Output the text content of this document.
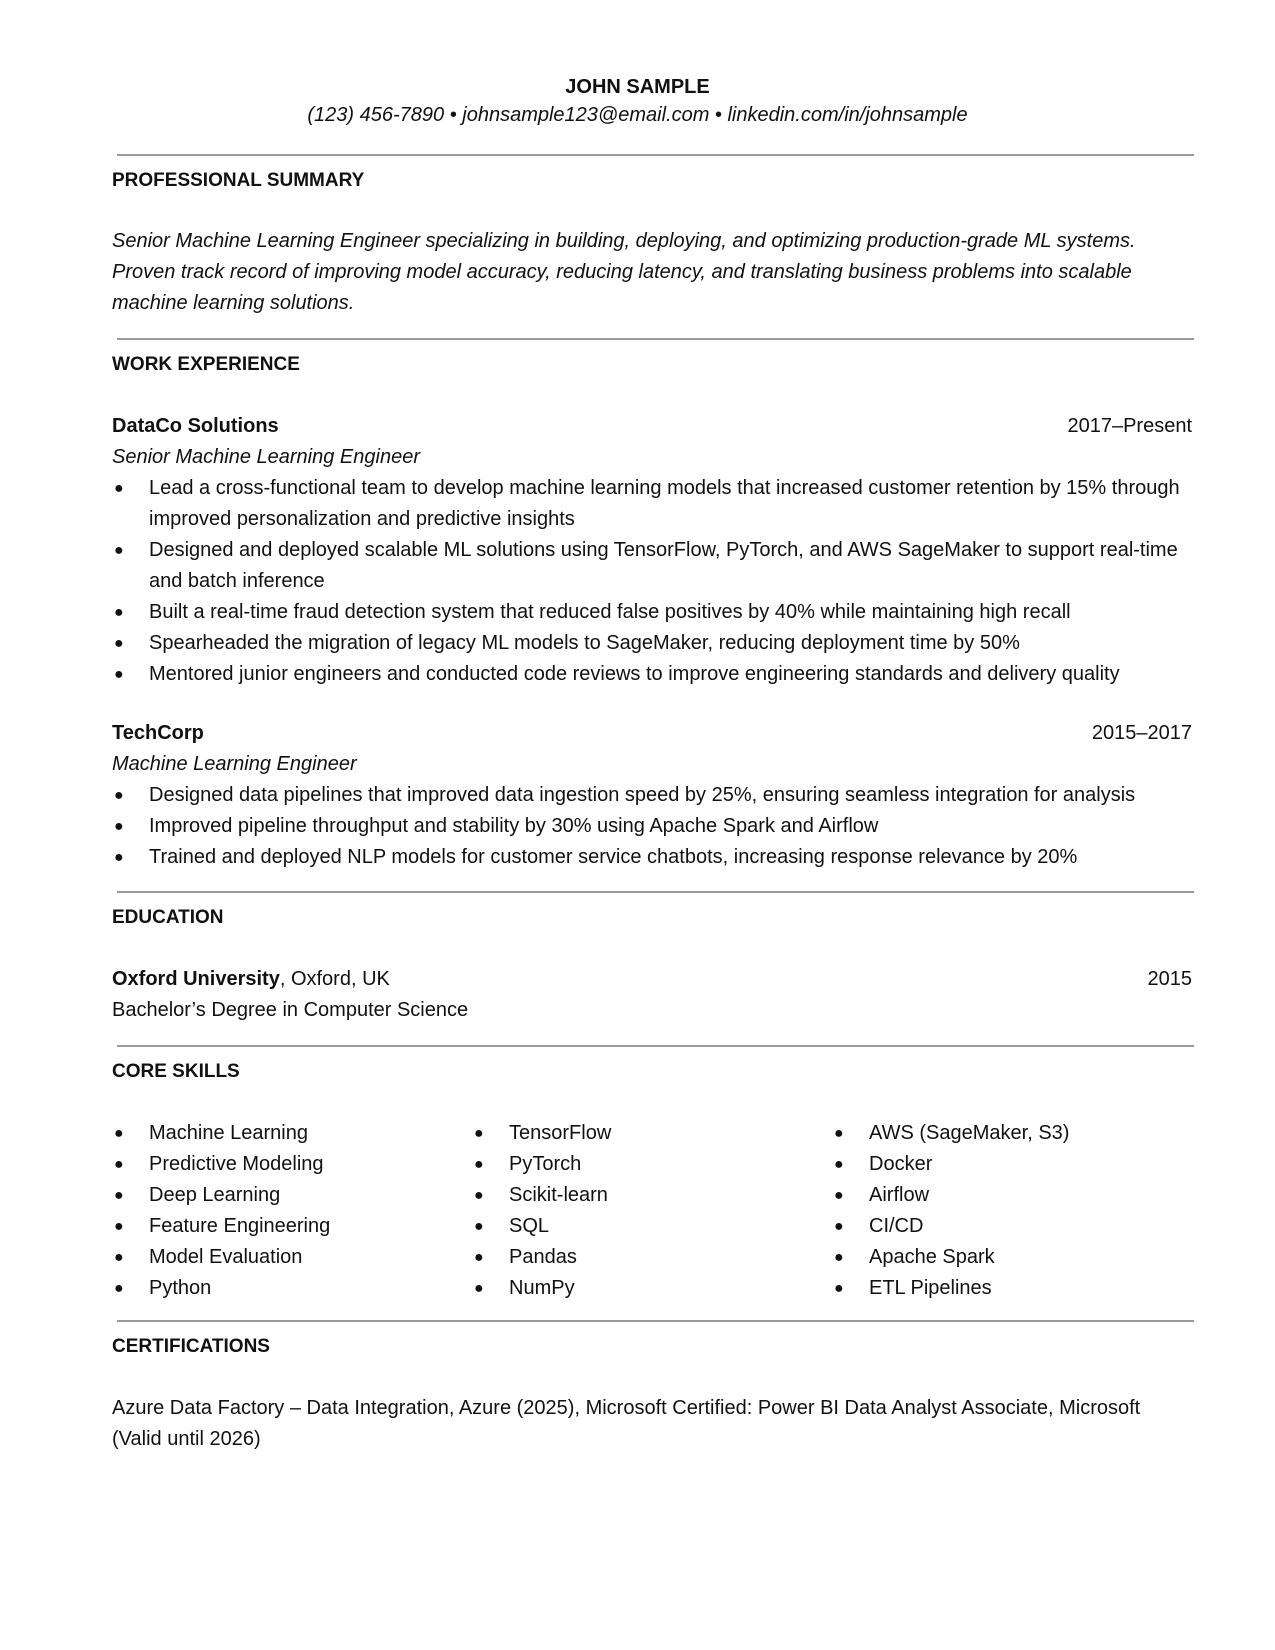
JOHN SAMPLE
(123) 456-7890 • johnsample123@email.com • linkedin.com/in/johnsample
PROFESSIONAL SUMMARY
Senior Machine Learning Engineer specializing in building, deploying, and optimizing production-grade ML systems. Proven track record of improving model accuracy, reducing latency, and translating business problems into scalable machine learning solutions.
WORK EXPERIENCE
DataCo Solutions	2017–Present
Senior Machine Learning Engineer
● Lead a cross-functional team to develop machine learning models that increased customer retention by 15% through improved personalization and predictive insights
● Designed and deployed scalable ML solutions using TensorFlow, PyTorch, and AWS SageMaker to support real-time and batch inference
● Built a real-time fraud detection system that reduced false positives by 40% while maintaining high recall
● Spearheaded the migration of legacy ML models to SageMaker, reducing deployment time by 50%
● Mentored junior engineers and conducted code reviews to improve engineering standards and delivery quality
TechCorp	2015–2017
Machine Learning Engineer
● Designed data pipelines that improved data ingestion speed by 25%, ensuring seamless integration for analysis
● Improved pipeline throughput and stability by 30% using Apache Spark and Airflow
● Trained and deployed NLP models for customer service chatbots, increasing response relevance by 20%
EDUCATION
Oxford University, Oxford, UK	2015
Bachelor’s Degree in Computer Science
CORE SKILLS
● Machine Learning
● Predictive Modeling
● Deep Learning
● Feature Engineering
● Model Evaluation
● Python
● TensorFlow
● PyTorch
● Scikit-learn
● SQL
● Pandas
● NumPy
● AWS (SageMaker, S3)
● Docker
● Airflow
● CI/CD
● Apache Spark
● ETL Pipelines
CERTIFICATIONS
Azure Data Factory – Data Integration, Azure (2025), Microsoft Certified: Power BI Data Analyst Associate, Microsoft (Valid until 2026)
